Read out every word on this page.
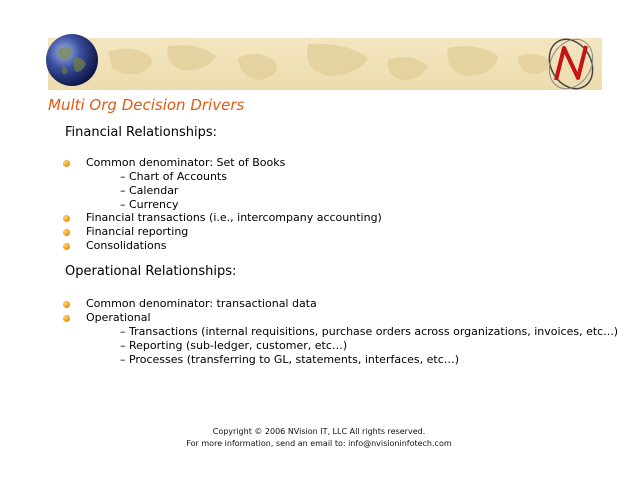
Multi Org Decision Drivers
Financial Relationships:
Common denominator: Set of Books
– Chart of Accounts
– Calendar
– Currency
Financial transactions (i.e., intercompany accounting)
Financial reporting
Consolidations
Operational Relationships:
Common denominator: transactional data
Operational
– Transactions (internal requisitions, purchase orders across organizations, invoices, etc...)
– Reporting (sub-ledger, customer, etc…)
– Processes (transferring to GL, statements, interfaces, etc…)
Copyright © 2006 NVision IT, LLC All rights reserved.
For more information, send an email to: info@nvisioninfotech.com
